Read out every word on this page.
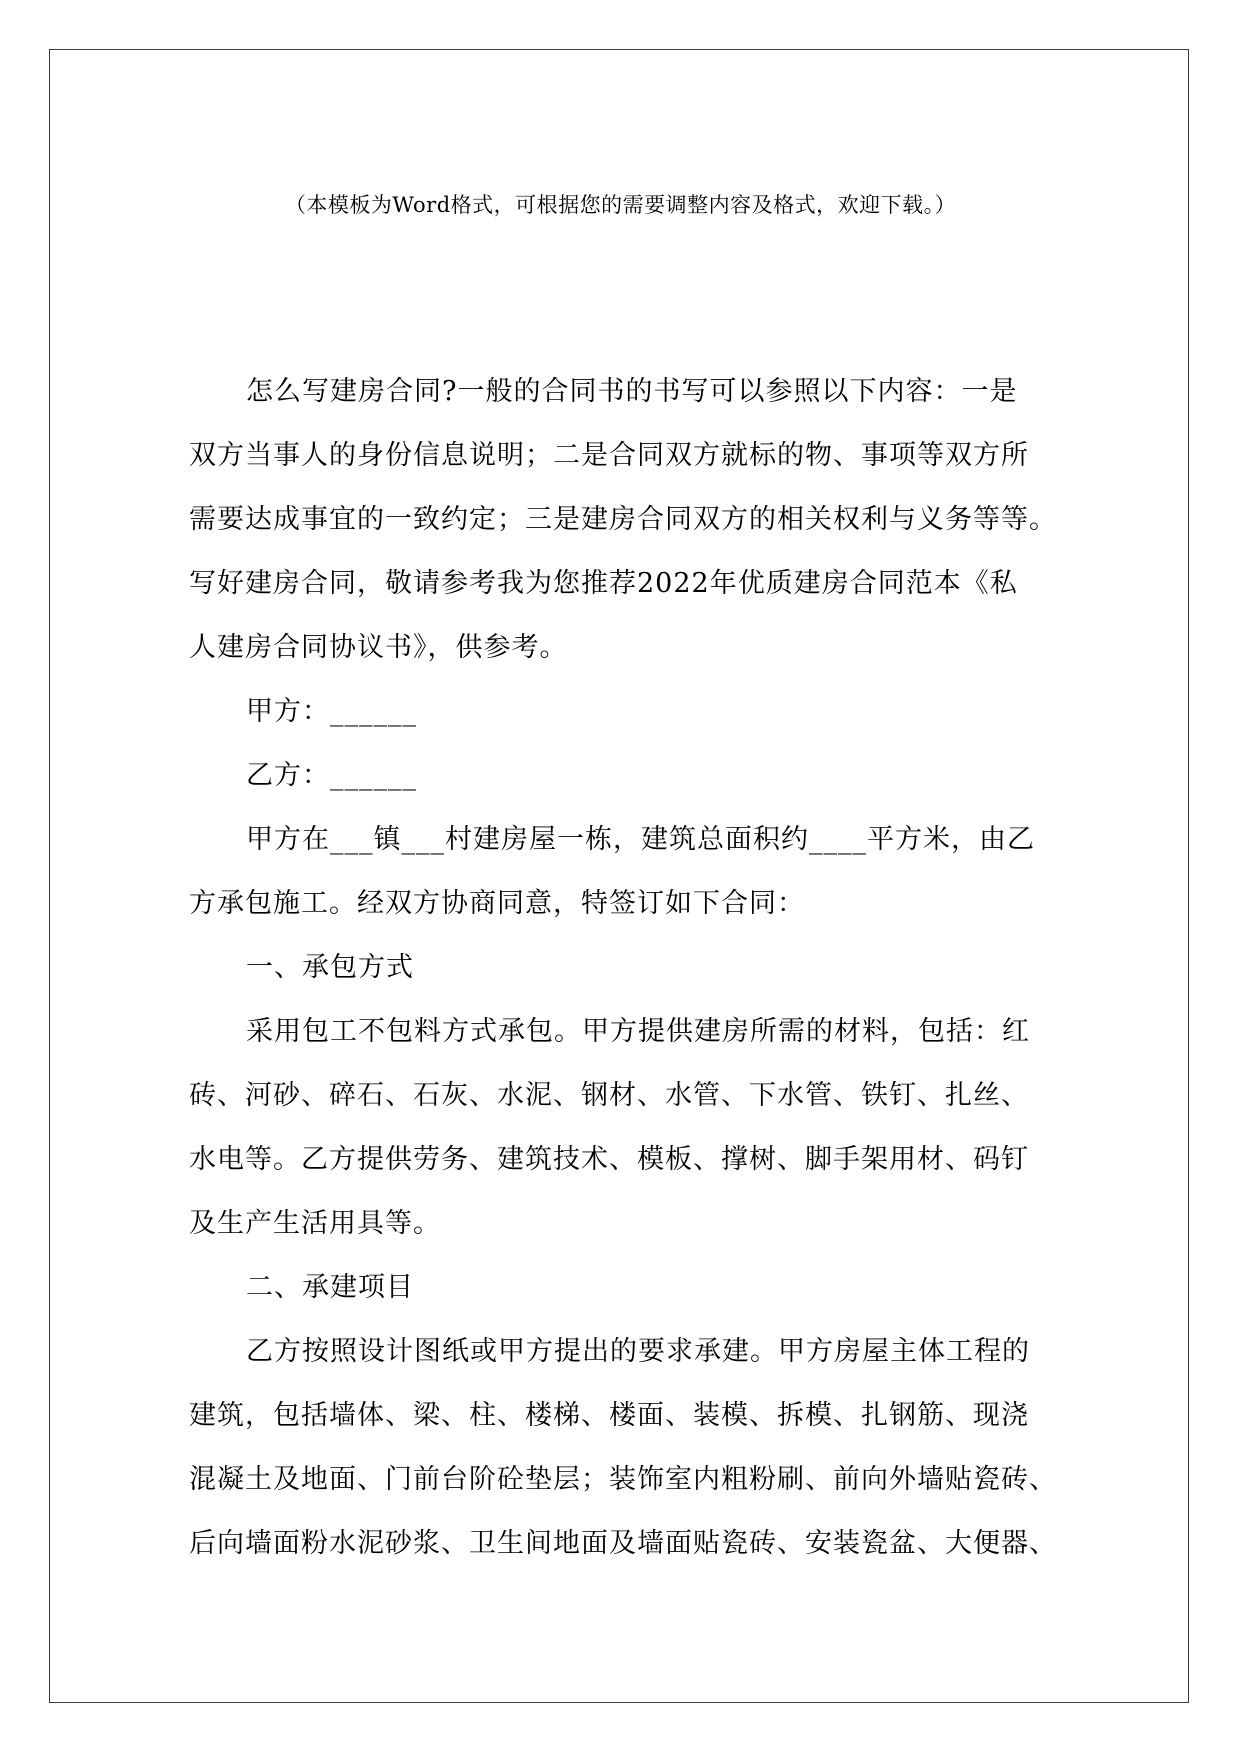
（本模板为Word格式，可根据您的需要调整内容及格式，欢迎下载。）
怎么写建房合同?一般的合同书的书写可以参照以下内容：一是
双方当事人的身份信息说明；二是合同双方就标的物、事项等双方所
需要达成事宜的一致约定；三是建房合同双方的相关权利与义务等等。
写好建房合同，敬请参考我为您推荐2022年优质建房合同范本《私
人建房合同协议书》，供参考。
甲方：______
乙方：______
甲方在___镇___村建房屋一栋，建筑总面积约____平方米，由乙
方承包施工。经双方协商同意，特签订如下合同：
一、承包方式
采用包工不包料方式承包。甲方提供建房所需的材料，包括：红
砖、河砂、碎石、石灰、水泥、钢材、水管、下水管、铁钉、扎丝、
水电等。乙方提供劳务、建筑技术、模板、撑树、脚手架用材、码钉
及生产生活用具等。
二、承建项目
乙方按照设计图纸或甲方提出的要求承建。甲方房屋主体工程的
建筑，包括墙体、梁、柱、楼梯、楼面、装模、拆模、扎钢筋、现浇
混凝土及地面、门前台阶砼垫层；装饰室内粗粉刷、前向外墙贴瓷砖、
后向墙面粉水泥砂浆、卫生间地面及墙面贴瓷砖、安装瓷盆、大便器、
